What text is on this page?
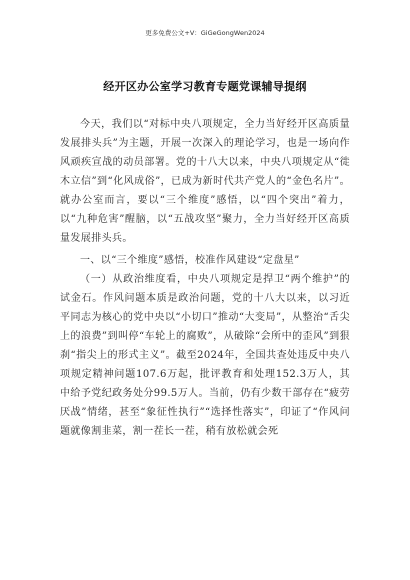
更多免费公文+V：GiGeGongWen2024
经开区办公室学习教育专题党课辅导提纲

今天，我们以“对标中央八项规定，全力当好经开区高质量发展排头兵”为主题，开展一次深入的理论学习，也是一场向作风顽疾宣战的动员部署。党的十八大以来，中央八项规定从“徙木立信”到“化风成俗”，已成为新时代共产党人的“金色名片”。就办公室而言，要以“三个维度”感悟，以“四个突出”着力，以“九种危害”醒脑，以“五战攻坚”聚力，全力当好经开区高质量发展排头兵。

一、以“三个维度”感悟，校准作风建设“定盘星”

（一）从政治维度看，中央八项规定是捍卫“两个维护”的试金石。作风问题本质是政治问题，党的十八大以来，以习近平同志为核心的党中央以“小切口”推动“大变局”，从整治“舌尖上的浪费”到叫停“车轮上的腐败”，从破除“会所中的歪风”到狠刹“指尖上的形式主义”。截至2024年，全国共查处违反中央八项规定精神问题107.6万起，批评教育和处理152.3万人，其中给予党纪政务处分99.5万人。当前，仍有少数干部存在“疲劳厌战”情绪，甚至“象征性执行”“选择性落实”，印证了“作风问题就像割韭菜，割一茬长一茬，稍有放松就会死
